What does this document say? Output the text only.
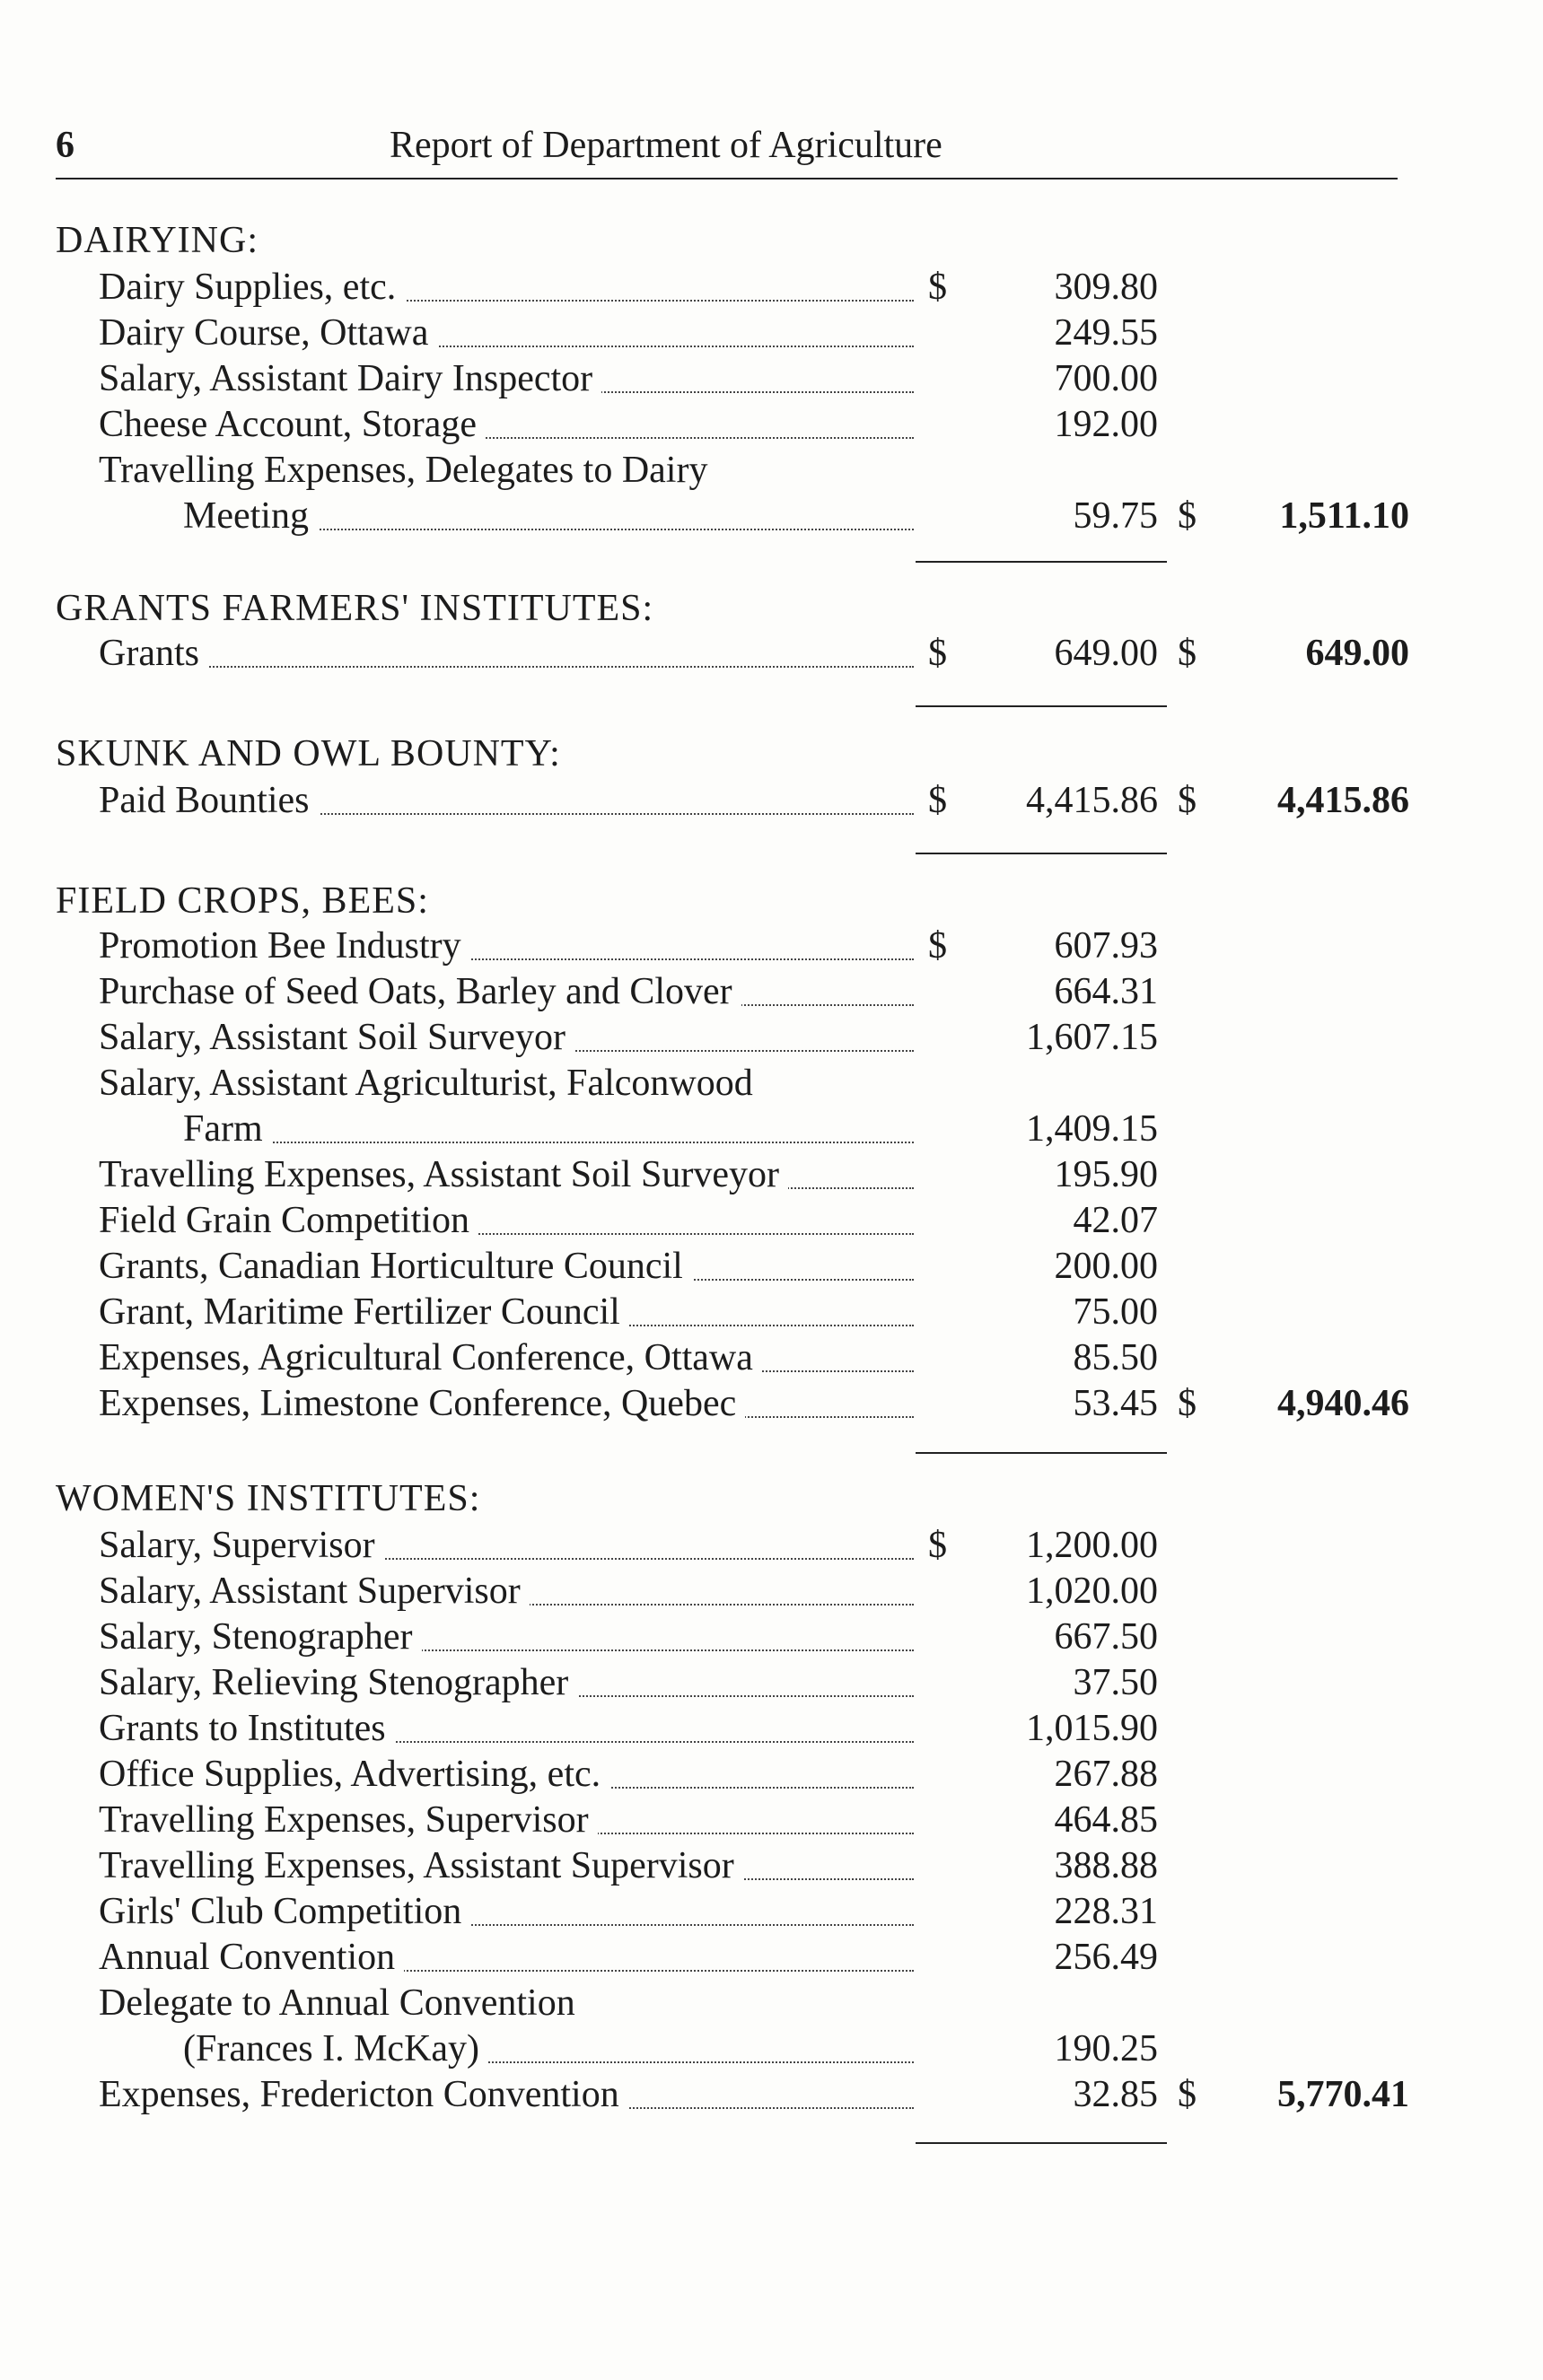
6	Report of Department of Agriculture
DAIRYING:
Dairy Supplies, etc.	$	309.80
Dairy Course, Ottawa	249.55
Salary, Assistant Dairy Inspector	700.00
Cheese Account, Storage	192.00
Travelling Expenses, Delegates to Dairy
Meeting	59.75 $	1,511.10
GRANTS FARMERS' INSTITUTES:
Grants	$	649.00 $	649.00
SKUNK AND OWL BOUNTY:
Paid Bounties	$	4,415.86 $	4,415.86
FIELD CROPS, BEES:
Promotion Bee Industry	$	607.93
Purchase of Seed Oats, Barley and Clover	664.31
Salary, Assistant Soil Surveyor	1,607.15
Salary, Assistant Agriculturist, Falconwood
Farm	1,409.15
Travelling Expenses, Assistant Soil Surveyor	195.90
Field Grain Competition	42.07
Grants, Canadian Horticulture Council	200.00
Grant, Maritime Fertilizer Council	75.00
Expenses, Agricultural Conference, Ottawa	85.50
Expenses, Limestone Conference, Quebec	53.45 $	4,940.46
WOMEN'S INSTITUTES:
Salary, Supervisor	$	1,200.00
Salary, Assistant Supervisor	1,020.00
Salary, Stenographer	667.50
Salary, Relieving Stenographer	37.50
Grants to Institutes	1,015.90
Office Supplies, Advertising, etc.	267.88
Travelling Expenses, Supervisor	464.85
Travelling Expenses, Assistant Supervisor	388.88
Girls' Club Competition	228.31
Annual Convention	256.49
Delegate to Annual Convention
(Frances I. McKay)	190.25
Expenses, Fredericton Convention	32.85 $	5,770.41
